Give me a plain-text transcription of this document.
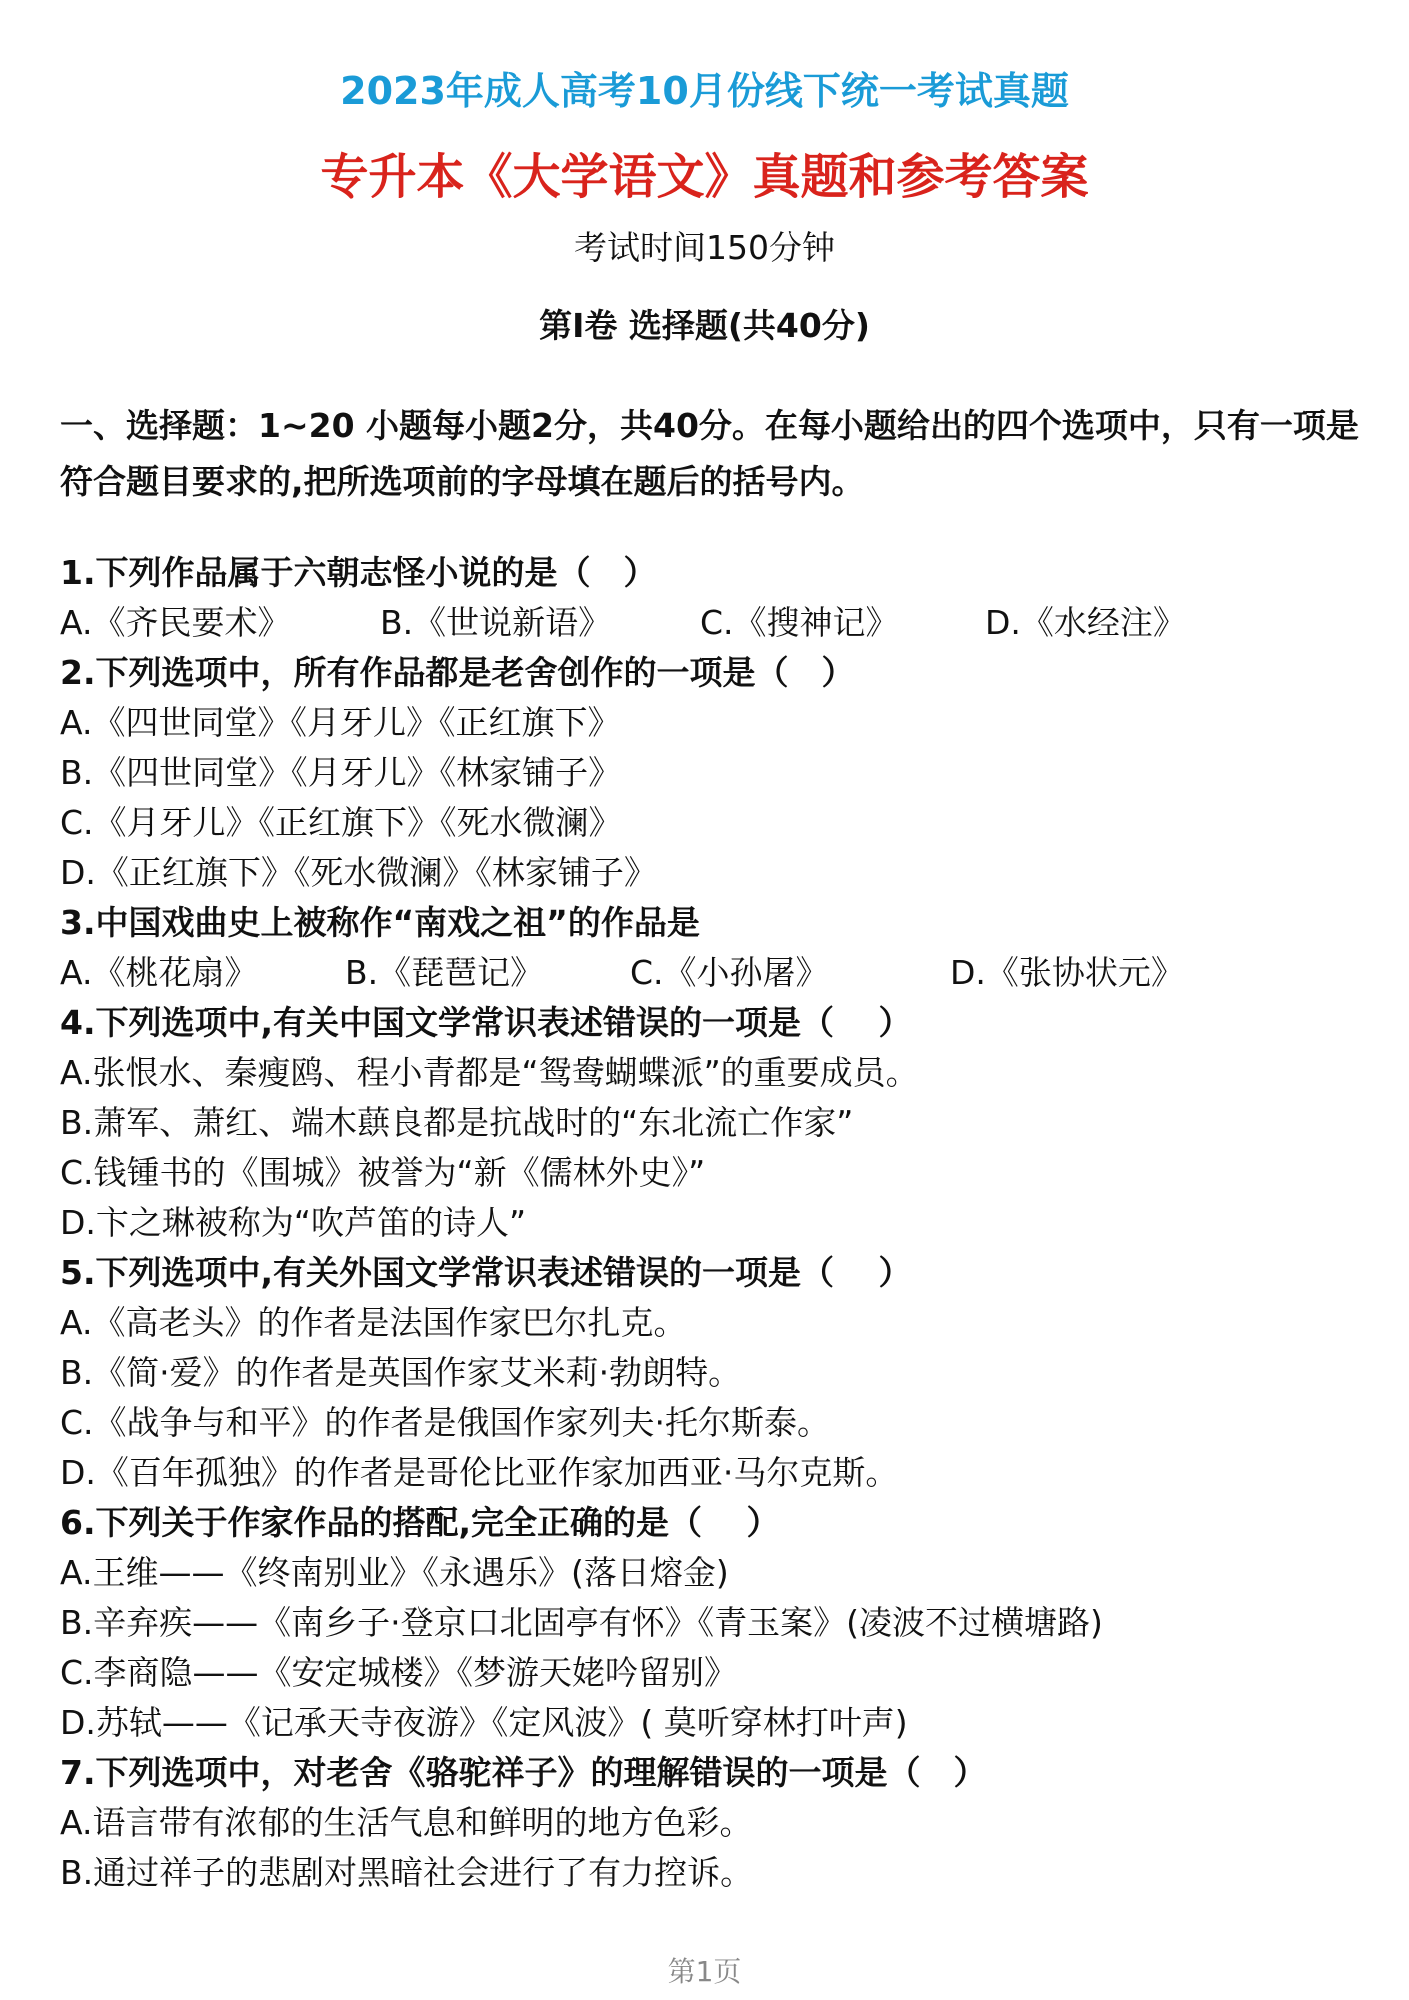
2023年成人高考10月份线下统一考试真题
专升本《大学语文》真题和参考答案
考试时间150分钟
第I卷 选择题(共40分)
一、选择题：1~20 小题每小题2分，共40分。在每小题给出的四个选项中，只有一项是符合题目要求的,把所选项前的字母填在题后的括号内。
1.下列作品属于六朝志怪小说的是（　）
A.《齐民要术》	B.《世说新语》	C.《搜神记》	D.《水经注》
2.下列选项中，所有作品都是老舍创作的一项是（　）
A.《四世同堂》《月牙儿》《正红旗下》
B.《四世同堂》《月牙儿》《林家铺子》
C.《月牙儿》《正红旗下》《死水微澜》
D.《正红旗下》《死水微澜》《林家铺子》
3.中国戏曲史上被称作“南戏之祖”的作品是
A.《桃花扇》	B.《琵琶记》	C.《小孙屠》	D.《张协状元》
4.下列选项中,有关中国文学常识表述错误的一项是（　 ）
A.张恨水、秦瘦鸥、程小青都是“鸳鸯蝴蝶派”的重要成员。
B.萧军、萧红、端木蕻良都是抗战时的“东北流亡作家”
C.钱锺书的《围城》被誉为“新《儒林外史》”
D.卞之琳被称为“吹芦笛的诗人”
5.下列选项中,有关外国文学常识表述错误的一项是（　 ）
A.《高老头》的作者是法国作家巴尔扎克。
B.《简·爱》的作者是英国作家艾米莉·勃朗特。
C.《战争与和平》的作者是俄国作家列夫·托尔斯泰。
D.《百年孤独》的作者是哥伦比亚作家加西亚·马尔克斯。
6.下列关于作家作品的搭配,完全正确的是（　 ）
A.王维——《终南别业》《永遇乐》(落日熔金)
B.辛弃疾——《南乡子·登京口北固亭有怀》《青玉案》(凌波不过横塘路)
C.李商隐——《安定城楼》《梦游天姥吟留别》
D.苏轼——《记承天寺夜游》《定风波》( 莫听穿林打叶声)
7.下列选项中，对老舍《骆驼祥子》的理解错误的一项是（　）
A.语言带有浓郁的生活气息和鲜明的地方色彩。
B.通过祥子的悲剧对黑暗社会进行了有力控诉。
第1页
